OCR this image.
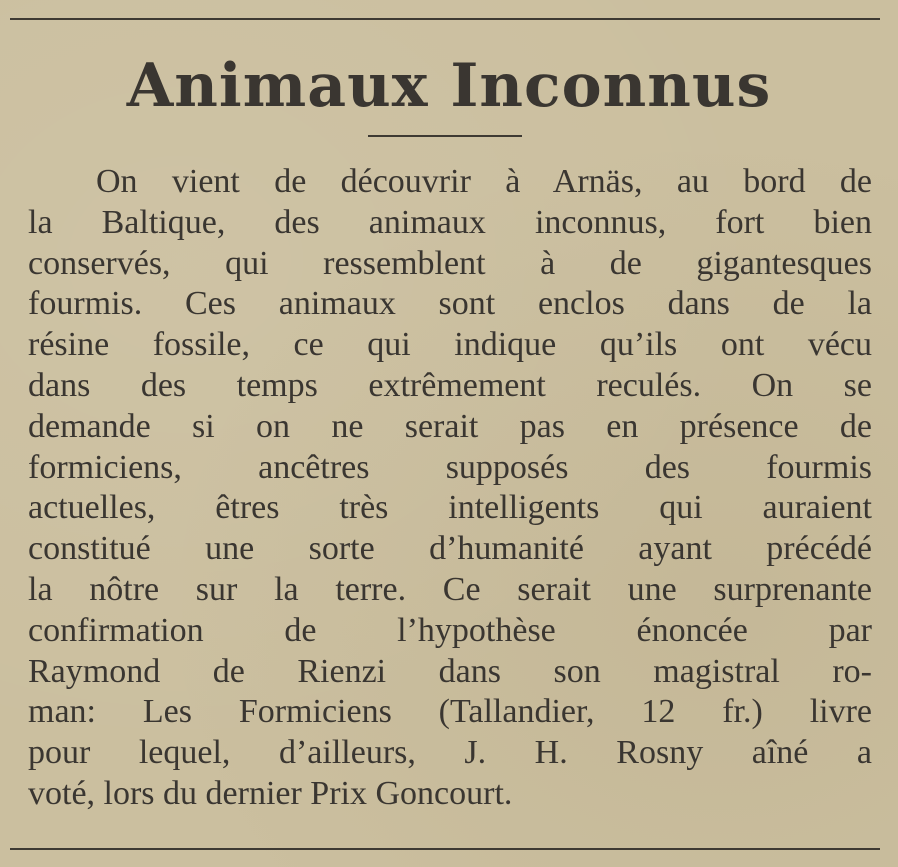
Animaux Inconnus
On vient de découvrir à Arnäs, au bord de
la Baltique, des animaux inconnus, fort bien
conservés, qui ressemblent à de gigantesques
fourmis. Ces animaux sont enclos dans de la
résine fossile, ce qui indique qu’ils ont vécu
dans des temps extrêmement reculés. On se
demande si on ne serait pas en présence de
formiciens, ancêtres supposés des fourmis
actuelles, êtres très intelligents qui auraient
constitué une sorte d’humanité ayant précédé
la nôtre sur la terre. Ce serait une surprenante
confirmation de l’hypothèse énoncée par
Raymond de Rienzi dans son magistral ro-
man: Les Formiciens (Tallandier, 12 fr.) livre
pour lequel, d’ailleurs, J. H. Rosny aîné a
voté, lors du dernier Prix Goncourt.
